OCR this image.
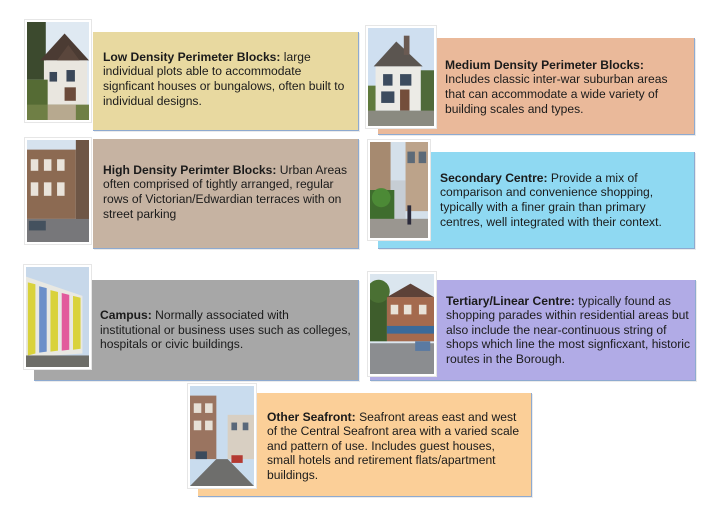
Low Density Perimeter Blocks: large individual plots able to accommodate signficant houses or bungalows, often built to individual designs.

Medium Density Perimeter Blocks:
Includes classic inter-war suburban areas that can accommodate a wide variety of building scales and types.

High Density Perimter Blocks: Urban Areas often comprised of tightly arranged, regular rows of Victorian/Edwardian terraces with on street parking

Secondary Centre: Provide a mix of comparison and convenience shopping, typically with a finer grain than primary centres, well integrated with their context.

Campus: Normally associated with institutional or business uses such as colleges, hospitals or civic buildings.

Tertiary/Linear Centre: typically found as shopping parades within residential areas but also include the near-continuous string of shops which line the most signficxant, historic routes in the Borough.

Other Seafront: Seafront areas east and west of the Central Seafront area with a varied scale and pattern of use. Includes guest houses, small hotels and retirement flats/apartment buildings.
